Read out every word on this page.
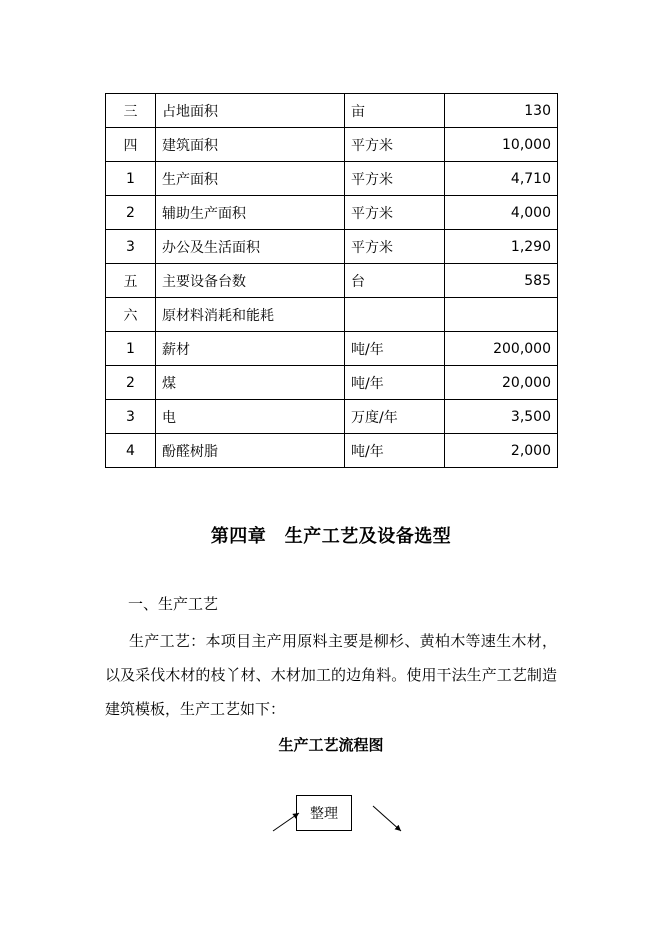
三	占地面积	亩	130
四	建筑面积	平方米	10,000
1	生产面积	平方米	4,710
2	辅助生产面积	平方米	4,000
3	办公及生活面积	平方米	1,290
五	主要设备台数	台	585
六	原材料消耗和能耗		
1	薪材	吨/年	200,000
2	煤	吨/年	20,000
3	电	万度/年	3,500
4	酚醛树脂	吨/年	2,000
第四章　生产工艺及设备选型
一、生产工艺
生产工艺：本项目主产用原料主要是柳杉、黄柏木等速生木材，以及采伐木材的枝丫材、木材加工的边角料。使用干法生产工艺制造建筑模板，生产工艺如下：
生产工艺流程图
整理
